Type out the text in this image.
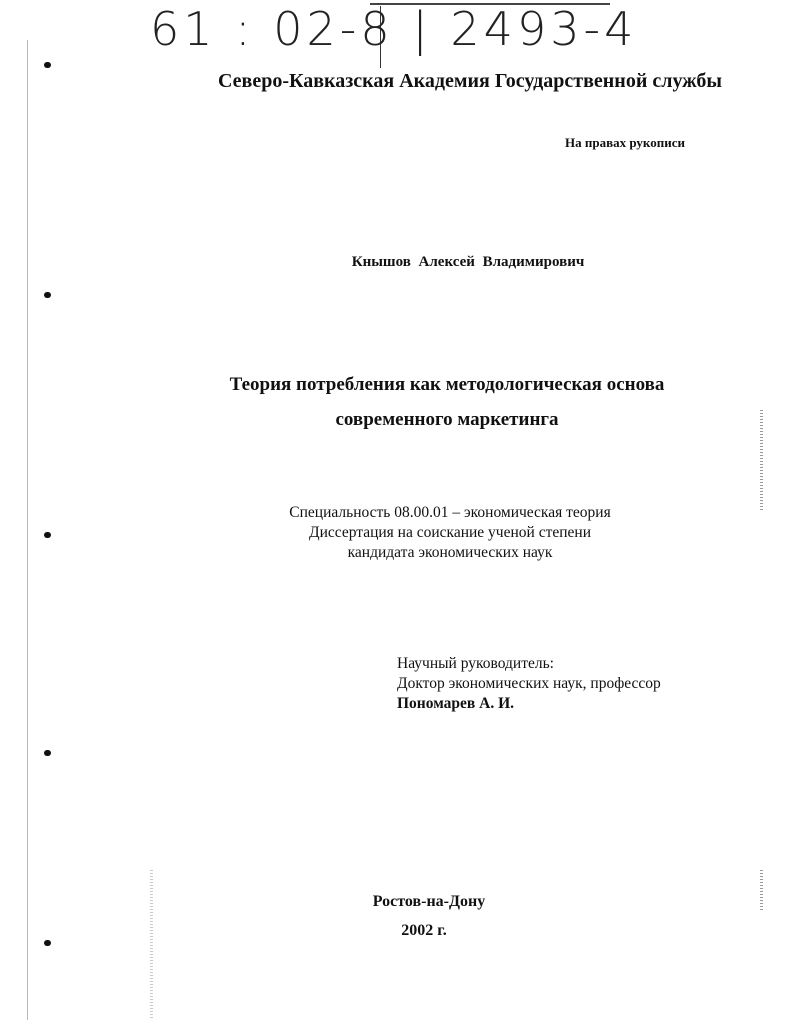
61 : 02-8 | 2493-4
Северо-Кавказская Академия Государственной службы
На правах рукописи
Кнышов Алексей Владимирович
Теория потребления как методологическая основа
современного маркетинга
Специальность 08.00.01 – экономическая теория
Диссертация на соискание ученой степени
кандидата экономических наук
Научный руководитель:
Доктор экономических наук, профессор
Пономарев А. И.
Ростов-на-Дону
2002 г.
